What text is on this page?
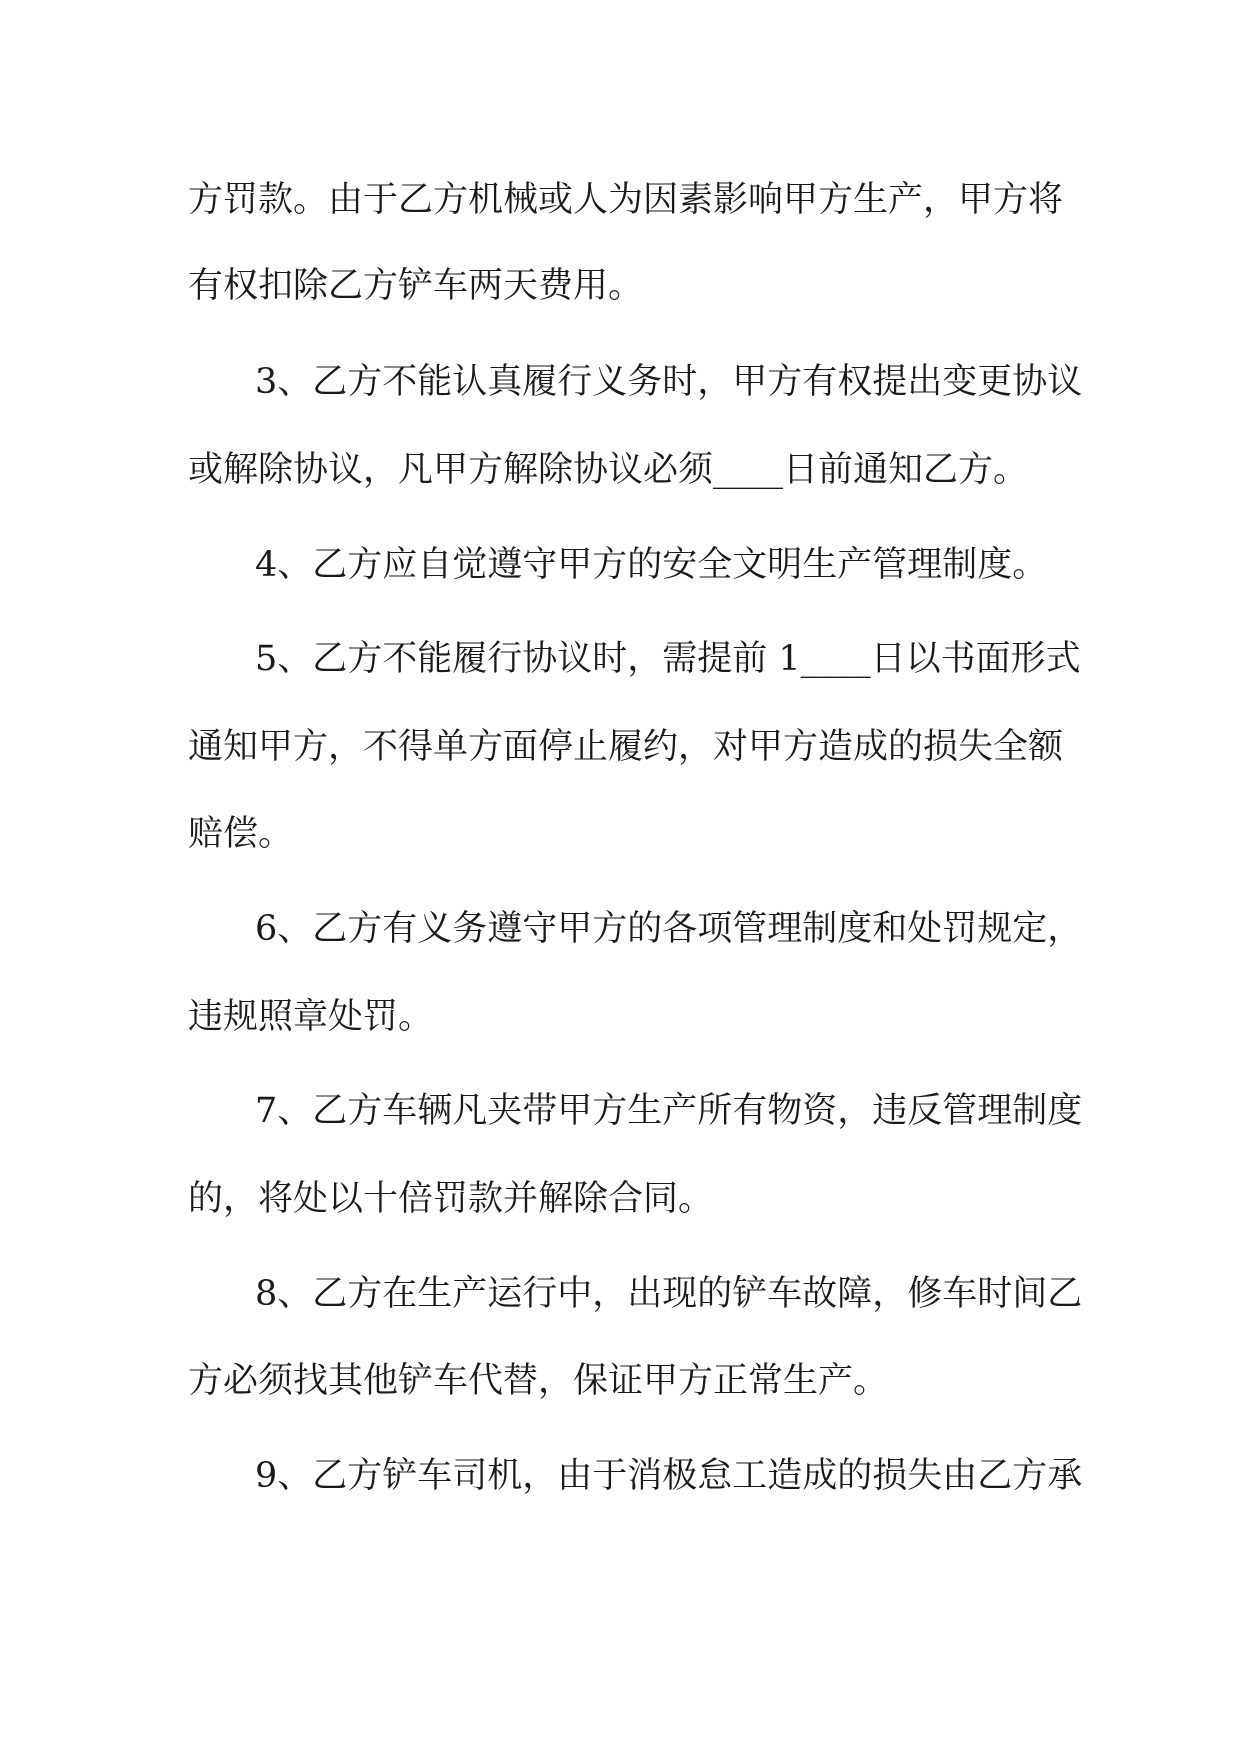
方罚款。由于乙方机械或人为因素影响甲方生产，甲方将

有权扣除乙方铲车两天费用。

3、乙方不能认真履行义务时，甲方有权提出变更协议

或解除协议，凡甲方解除协议必须____日前通知乙方。

4、乙方应自觉遵守甲方的安全文明生产管理制度。

5、乙方不能履行协议时，需提前 1____日以书面形式

通知甲方，不得单方面停止履约，对甲方造成的损失全额

赔偿。

6、乙方有义务遵守甲方的各项管理制度和处罚规定，

违规照章处罚。

7、乙方车辆凡夹带甲方生产所有物资，违反管理制度

的，将处以十倍罚款并解除合同。

8、乙方在生产运行中，出现的铲车故障，修车时间乙

方必须找其他铲车代替，保证甲方正常生产。

9、乙方铲车司机，由于消极怠工造成的损失由乙方承
